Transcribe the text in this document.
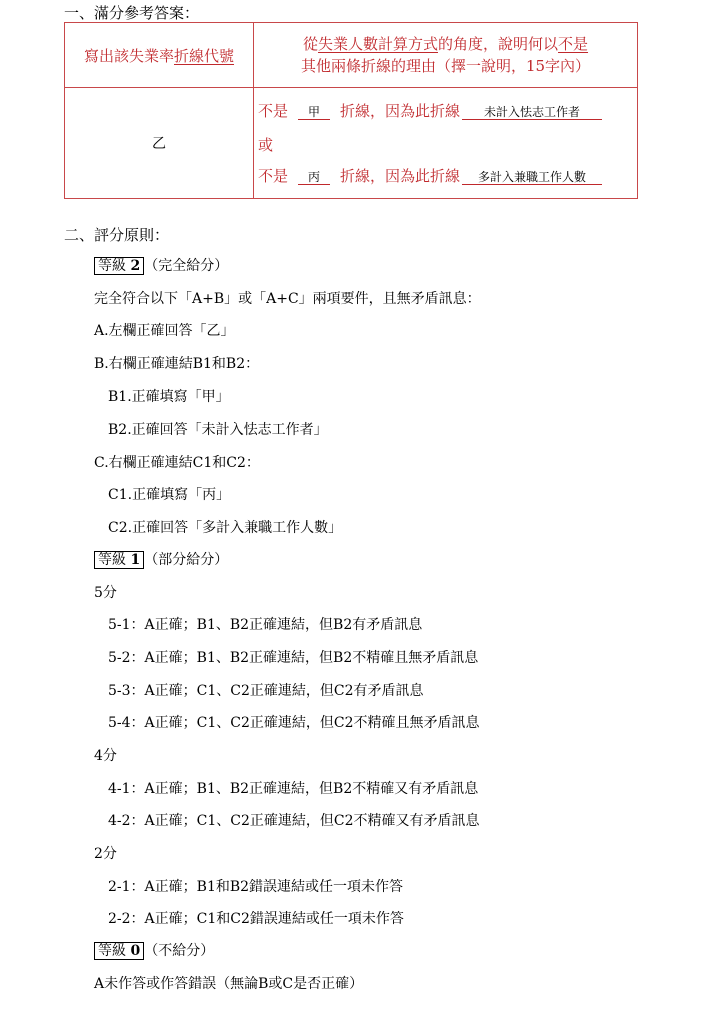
一、滿分參考答案：
寫出該失業率折線代號	從失業人數計算方式的角度，說明何以不是
其他兩條折線的理由（擇一說明，15字內）

乙	不是 甲 折線，因為此折線 未計入怯志工作者
或
不是 丙 折線，因為此折線 多計入兼職工作人數
二、評分原則：
等級 2 （完全給分）
完全符合以下「A+B」或「A+C」兩項要件，且無矛盾訊息：
A.左欄正確回答「乙」
B.右欄正確連結B1和B2：
B1.正確填寫「甲」
B2.正確回答「未計入怯志工作者」
C.右欄正確連結C1和C2：
C1.正確填寫「丙」
C2.正確回答「多計入兼職工作人數」
等級 1 （部分給分）
5分
5-1：A正確；B1、B2正確連結，但B2有矛盾訊息
5-2：A正確；B1、B2正確連結，但B2不精確且無矛盾訊息
5-3：A正確；C1、C2正確連結，但C2有矛盾訊息
5-4：A正確；C1、C2正確連結，但C2不精確且無矛盾訊息
4分
4-1：A正確；B1、B2正確連結，但B2不精確又有矛盾訊息
4-2：A正確；C1、C2正確連結，但C2不精確又有矛盾訊息
2分
2-1：A正確；B1和B2錯誤連結或任一項未作答
2-2：A正確；C1和C2錯誤連結或任一項未作答
等級 0 （不給分）
A未作答或作答錯誤（無論B或C是否正確）
